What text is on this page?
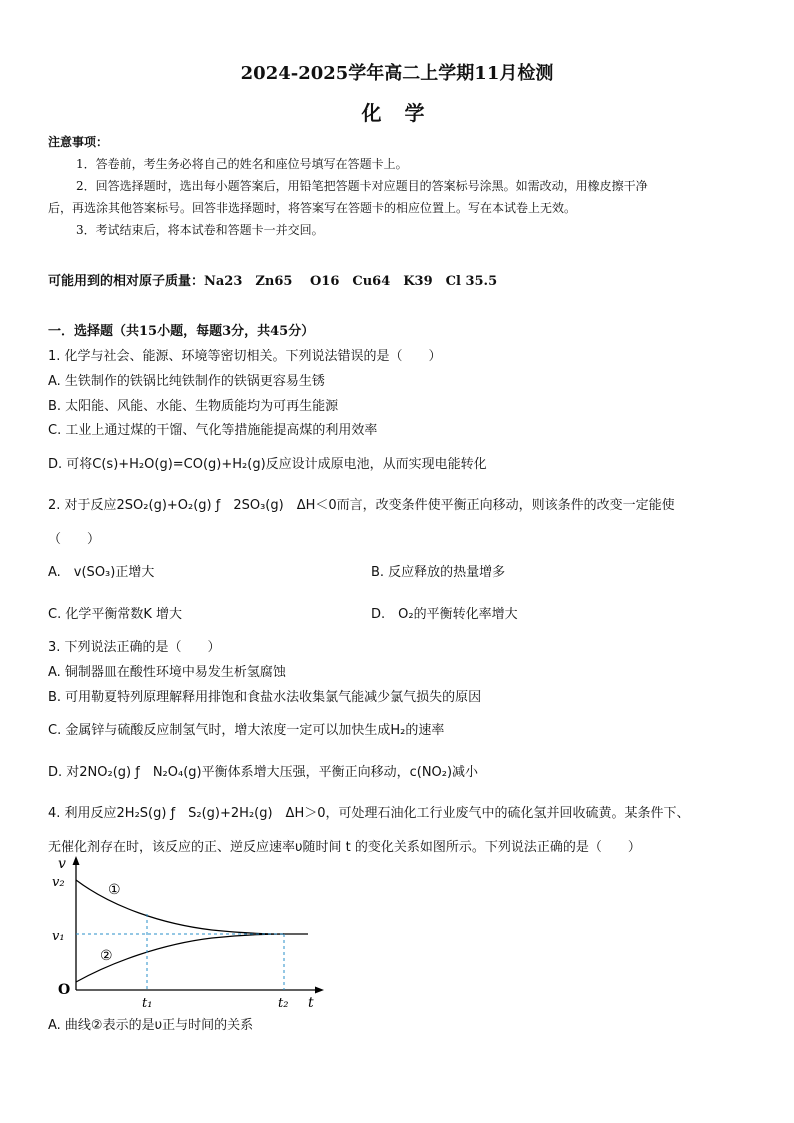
2024-2025学年高二上学期11月检测
化 学
注意事项：
1．答卷前，考生务必将自己的姓名和座位号填写在答题卡上。
2．回答选择题时，选出每小题答案后，用铅笔把答题卡对应题目的答案标号涂黑。如需改动，用橡皮擦干净
后，再选涂其他答案标号。回答非选择题时，将答案写在答题卡的相应位置上。写在本试卷上无效。
3．考试结束后，将本试卷和答题卡一并交回。
可能用到的相对原子质量：Na23　Zn65　 O16　Cu64　K39　Cl 35.5
一．选择题（共15小题，每题3分，共45分）
1. 化学与社会、能源、环境等密切相关。下列说法错误的是（　　）
A. 生铁制作的铁锅比纯铁制作的铁锅更容易生锈
B. 太阳能、风能、水能、生物质能均为可再生能源
C. 工业上通过煤的干馏、气化等措施能提高煤的利用效率
D. 可将C(s)+H₂O(g)=CO(g)+H₂(g)反应设计成原电池，从而实现电能转化
2. 对于反应2SO₂(g)+O₂(g) ƒ　2SO₃(g)　ΔH＜0而言，改变条件使平衡正向移动，则该条件的改变一定能使
（　　）
A.　v(SO₃)正增大	B. 反应释放的热量增多
C. 化学平衡常数K 增大	D.　O₂的平衡转化率增大
3. 下列说法正确的是（　　）
A. 铜制器皿在酸性环境中易发生析氢腐蚀
B. 可用勒夏特列原理解释用排饱和食盐水法收集氯气能减少氯气损失的原因
C. 金属锌与硫酸反应制氢气时，增大浓度一定可以加快生成H₂的速率
D. 对2NO₂(g) ƒ　N₂O₄(g)平衡体系增大压强，平衡正向移动，c(NO₂)减小
4. 利用反应2H₂S(g) ƒ　S₂(g)+2H₂(g)　ΔH＞0，可处理石油化工行业废气中的硫化氢并回收硫黄。某条件下、
无催化剂存在时，该反应的正、逆反应速率υ随时间 t 的变化关系如图所示。下列说法正确的是（　　）
①
②
v
v₂
v₁
O
t₁	t₂ t
A. 曲线②表示的是υ正与时间的关系
